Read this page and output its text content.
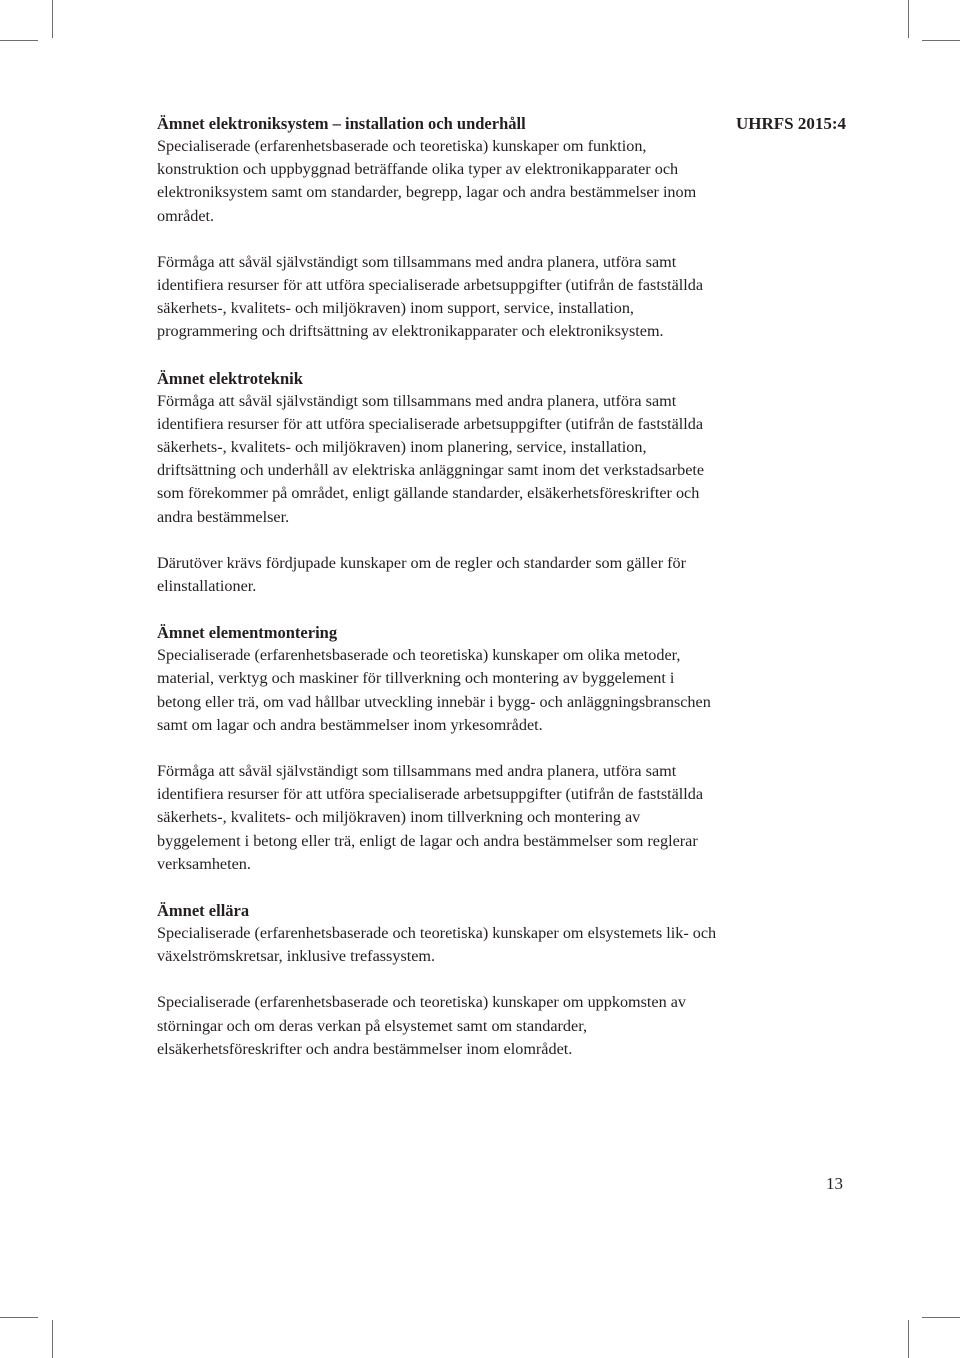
UHRFS 2015:4

Ämnet elektroniksystem – installation och underhåll

Specialiserade (erfarenhetsbaserade och teoretiska) kunskaper om funktion, konstruktion och uppbyggnad beträffande olika typer av elektronikapparater och elektroniksystem samt om standarder, begrepp, lagar och andra bestämmelser inom området.

Förmåga att såväl självständigt som tillsammans med andra planera, utföra samt identifiera resurser för att utföra specialiserade arbetsuppgifter (utifrån de fastställda säkerhets-, kvalitets- och miljökraven) inom support, service, installation, programmering och driftsättning av elektronikapparater och elektroniksystem.

Ämnet elektroteknik

Förmåga att såväl självständigt som tillsammans med andra planera, utföra samt identifiera resurser för att utföra specialiserade arbetsuppgifter (utifrån de fastställda säkerhets-, kvalitets- och miljökraven) inom planering, service, installation, driftsättning och underhåll av elektriska anläggningar samt inom det verkstadsarbete som förekommer på området, enligt gällande standarder, elsäkerhetsföreskrifter och andra bestämmelser.

Därutöver krävs fördjupade kunskaper om de regler och standarder som gäller för elinstallationer.

Ämnet elementmontering

Specialiserade (erfarenhetsbaserade och teoretiska) kunskaper om olika metoder, material, verktyg och maskiner för tillverkning och montering av byggelement i betong eller trä, om vad hållbar utveckling innebär i bygg- och anläggningsbranschen samt om lagar och andra bestämmelser inom yrkesområdet.

Förmåga att såväl självständigt som tillsammans med andra planera, utföra samt identifiera resurser för att utföra specialiserade arbetsuppgifter (utifrån de fastställda säkerhets-, kvalitets- och miljökraven) inom tillverkning och montering av byggelement i betong eller trä, enligt de lagar och andra bestämmelser som reglerar verksamheten.

Ämnet ellära

Specialiserade (erfarenhetsbaserade och teoretiska) kunskaper om elsystemets lik- och växelströmskretsar, inklusive trefassystem.

Specialiserade (erfarenhetsbaserade och teoretiska) kunskaper om uppkomsten av störningar och om deras verkan på elsystemet samt om standarder, elsäkerhetsföreskrifter och andra bestämmelser inom elområdet.

13
